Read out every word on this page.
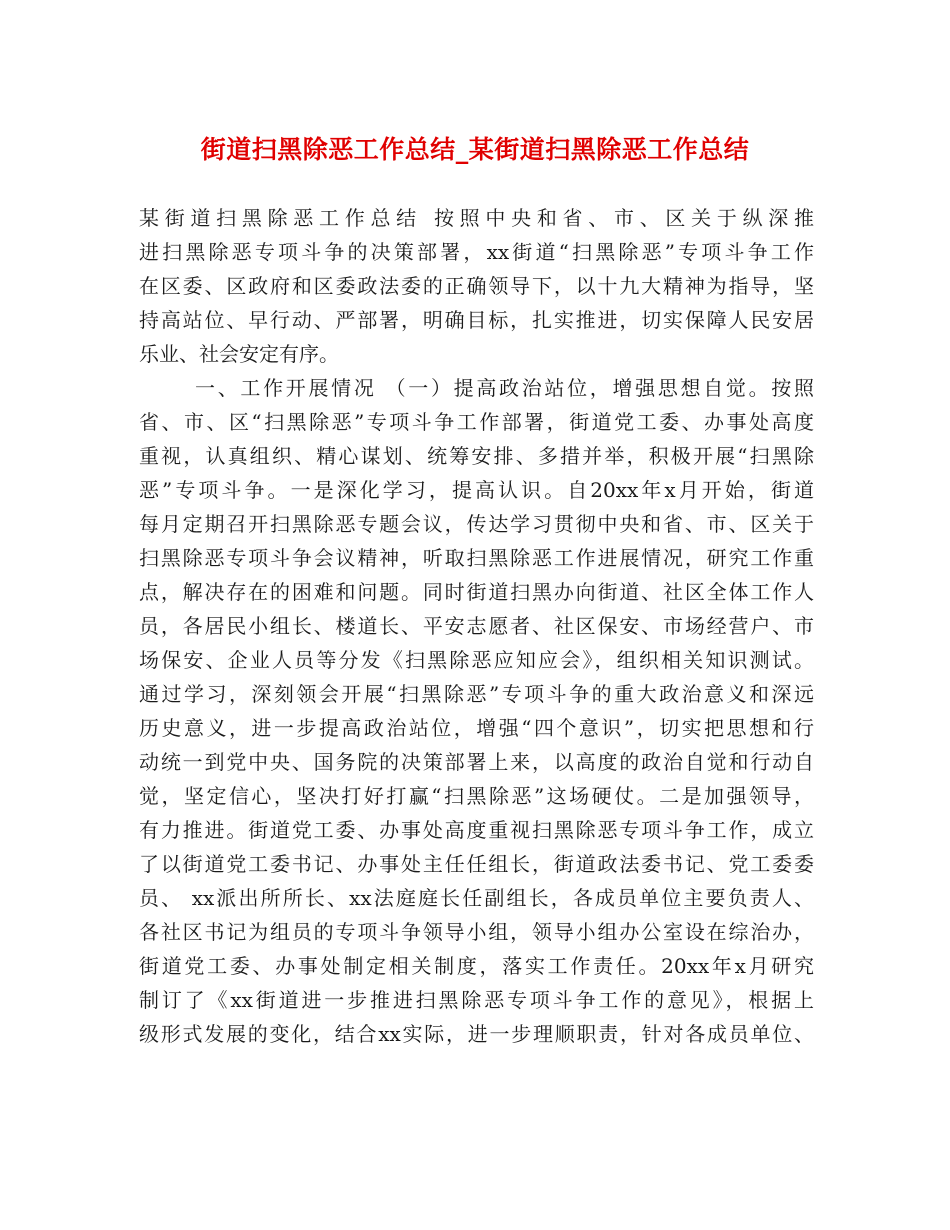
街道扫黑除恶工作总结_某街道扫黑除恶工作总结
某街道扫黑除恶工作总结 按照中央和省、市、区关于纵深推
进扫黑除恶专项斗争的决策部署，xx街道“扫黑除恶”专项斗争工作
在区委、区政府和区委政法委的正确领导下，以十九大精神为指导，坚
持高站位、早行动、严部署，明确目标，扎实推进，切实保障人民安居
乐业、社会安定有序。
一、工作开展情况 （一）提高政治站位，增强思想自觉。按照
省、市、区“扫黑除恶”专项斗争工作部署，街道党工委、办事处高度
重视，认真组织、精心谋划、统筹安排、多措并举，积极开展“扫黑除
恶”专项斗争。一是深化学习，提高认识。自20xx年x月开始，街道
每月定期召开扫黑除恶专题会议，传达学习贯彻中央和省、市、区关于
扫黑除恶专项斗争会议精神，听取扫黑除恶工作进展情况，研究工作重
点，解决存在的困难和问题。同时街道扫黑办向街道、社区全体工作人
员，各居民小组长、楼道长、平安志愿者、社区保安、市场经营户、市
场保安、企业人员等分发《扫黑除恶应知应会》，组织相关知识测试。
通过学习，深刻领会开展“扫黑除恶”专项斗争的重大政治意义和深远
历史意义，进一步提高政治站位，增强“四个意识”，切实把思想和行
动统一到党中央、国务院的决策部署上来，以高度的政治自觉和行动自
觉，坚定信心，坚决打好打赢“扫黑除恶”这场硬仗。二是加强领导，
有力推进。街道党工委、办事处高度重视扫黑除恶专项斗争工作，成立
了以街道党工委书记、办事处主任任组长，街道政法委书记、党工委委
员、 xx派出所所长、xx法庭庭长任副组长，各成员单位主要负责人、
各社区书记为组员的专项斗争领导小组，领导小组办公室设在综治办，
街道党工委、办事处制定相关制度，落实工作责任。20xx年x月研究
制订了《xx街道进一步推进扫黑除恶专项斗争工作的意见》，根据上
级形式发展的变化，结合xx实际，进一步理顺职责，针对各成员单位、
